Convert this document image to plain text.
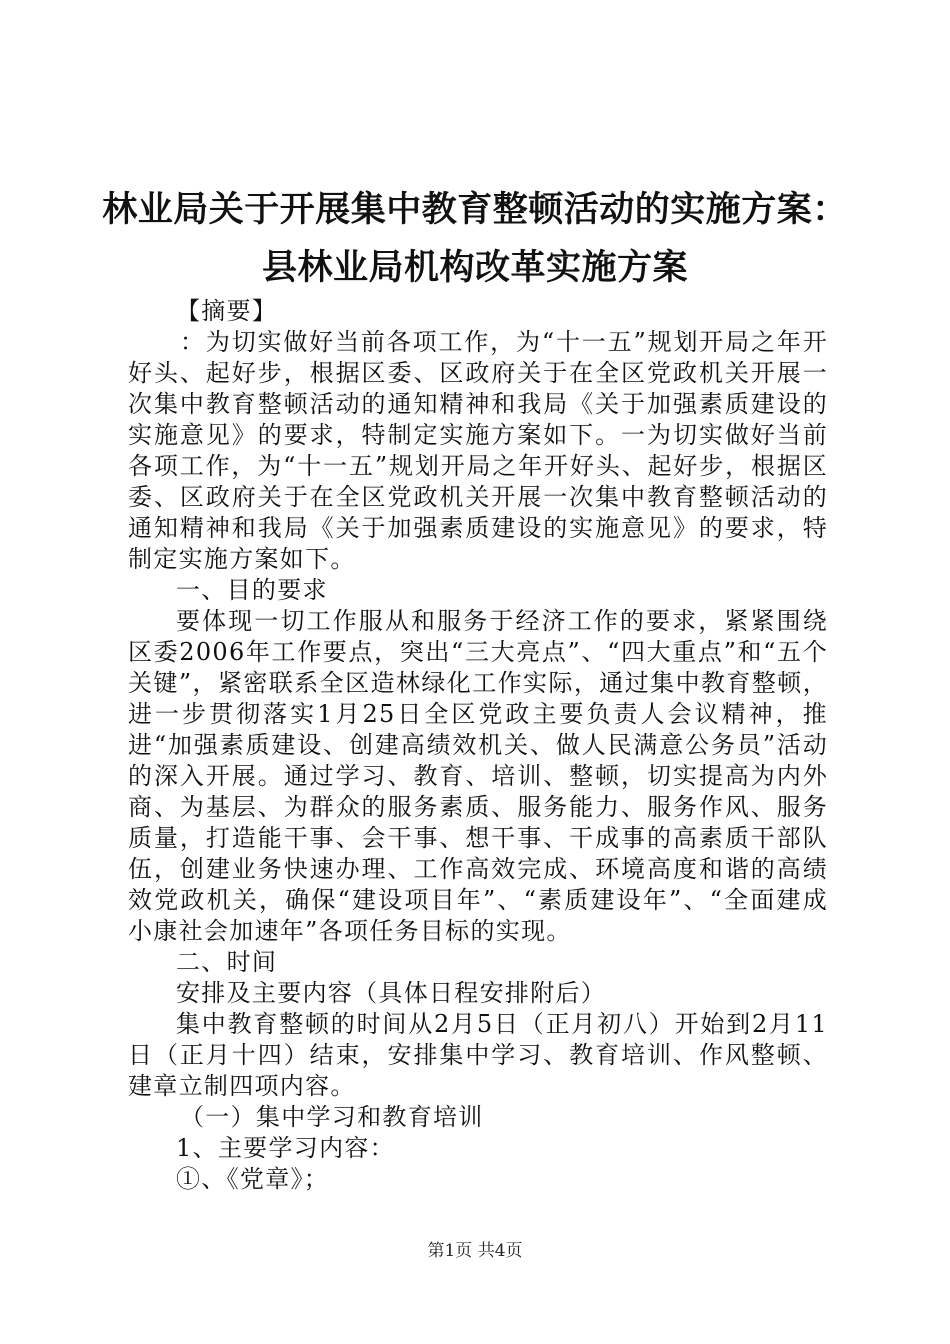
林业局关于开展集中教育整顿活动的实施方案：
县林业局机构改革实施方案

【摘要】

：为切实做好当前各项工作，为“十一五”规划开局之年开好头、起好步，根据区委、区政府关于在全区党政机关开展一次集中教育整顿活动的通知精神和我局《关于加强素质建设的实施意见》的要求，特制定实施方案如下。一为切实做好当前各项工作，为“十一五”规划开局之年开好头、起好步，根据区委、区政府关于在全区党政机关开展一次集中教育整顿活动的通知精神和我局《关于加强素质建设的实施意见》的要求，特制定实施方案如下。

一、目的要求

要体现一切工作服从和服务于经济工作的要求，紧紧围绕区委2006年工作要点，突出“三大亮点”、“四大重点”和“五个关键”，紧密联系全区造林绿化工作实际，通过集中教育整顿，进一步贯彻落实1月25日全区党政主要负责人会议精神，推进“加强素质建设、创建高绩效机关、做人民满意公务员”活动的深入开展。通过学习、教育、培训、整顿，切实提高为内外商、为基层、为群众的服务素质、服务能力、服务作风、服务质量，打造能干事、会干事、想干事、干成事的高素质干部队伍，创建业务快速办理、工作高效完成、环境高度和谐的高绩效党政机关，确保“建设项目年”、“素质建设年”、“全面建成小康社会加速年”各项任务目标的实现。

二、时间

安排及主要内容（具体日程安排附后）

集中教育整顿的时间从2月5日（正月初八）开始到2月11日（正月十四）结束，安排集中学习、教育培训、作风整顿、建章立制四项内容。

（一）集中学习和教育培训

1、主要学习内容：

①、《党章》；

第1页 共4页
